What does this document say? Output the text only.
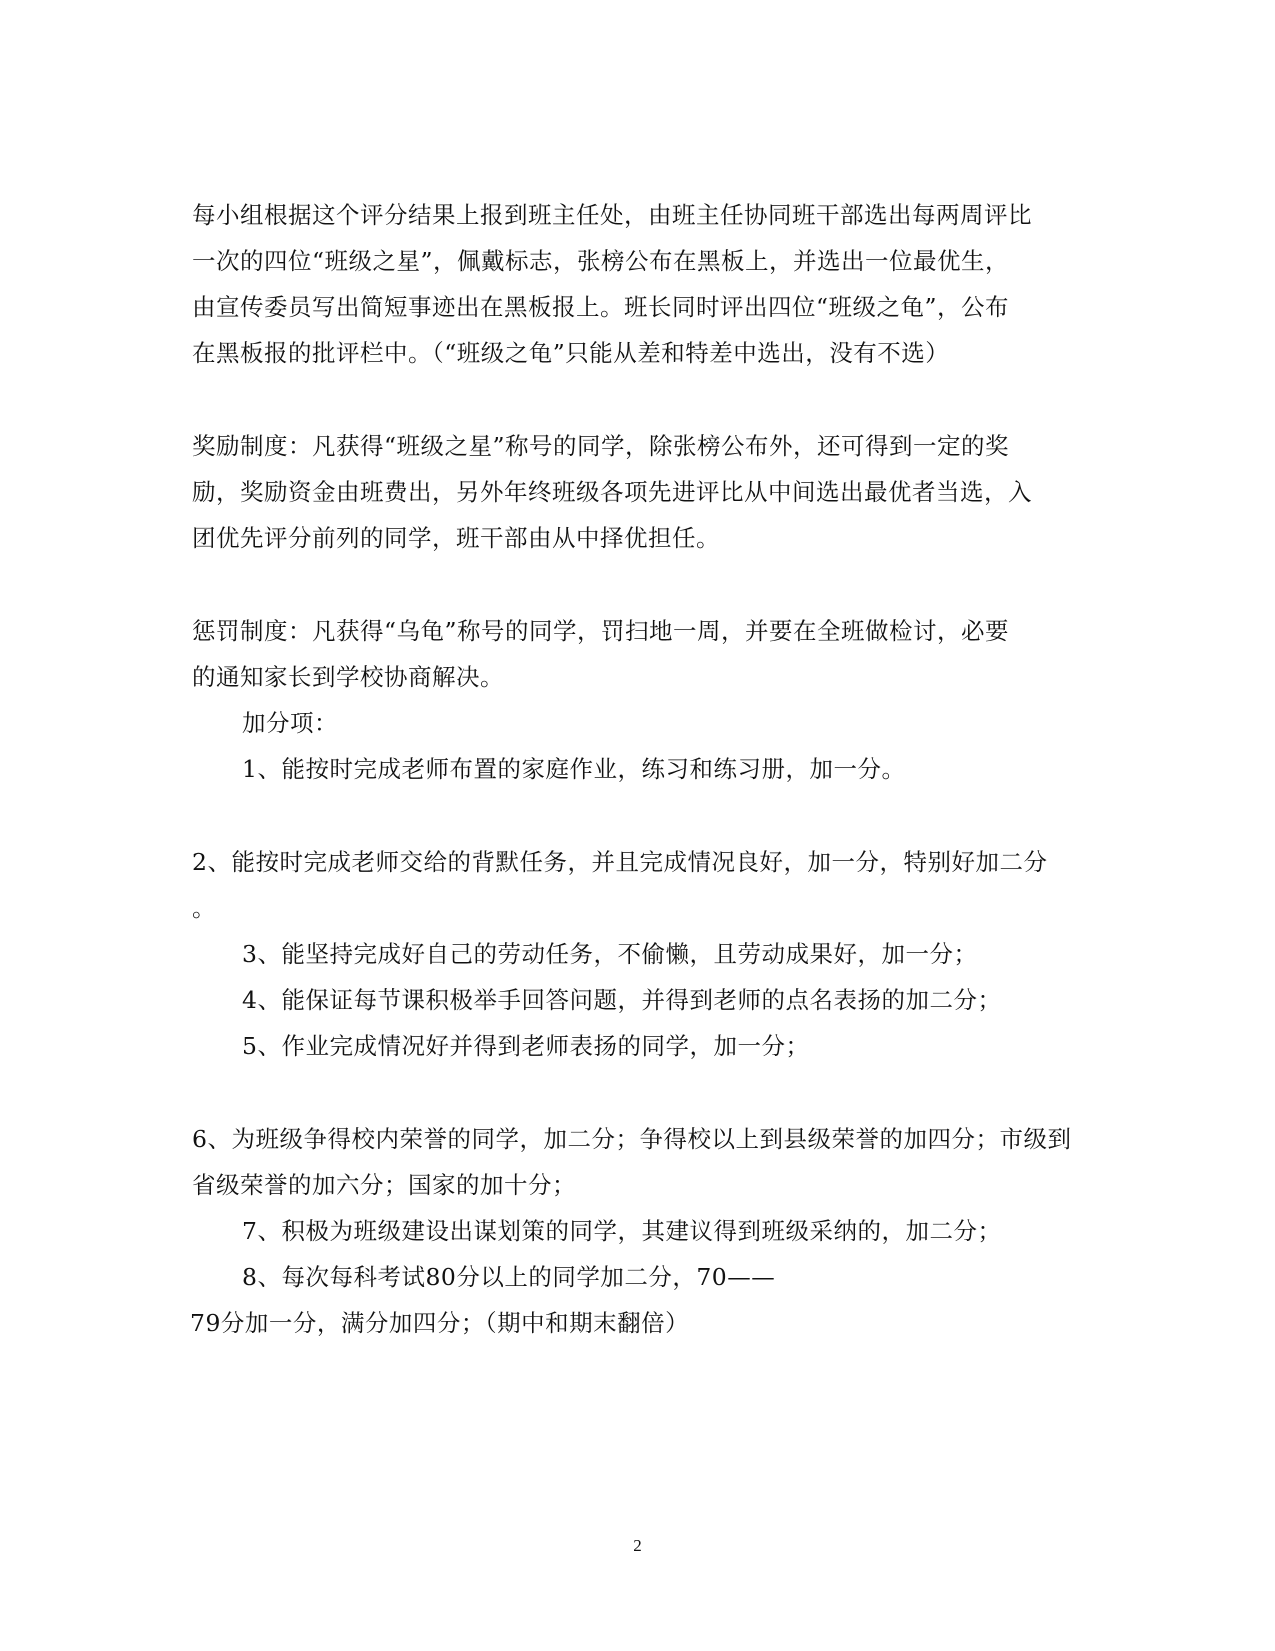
每小组根据这个评分结果上报到班主任处，由班主任协同班干部选出每两周评比
一次的四位“班级之星”，佩戴标志，张榜公布在黑板上，并选出一位最优生，
由宣传委员写出简短事迹出在黑板报上。班长同时评出四位“班级之龟”，公布
在黑板报的批评栏中。（“班级之龟”只能从差和特差中选出，没有不选）
奖励制度：凡获得“班级之星”称号的同学，除张榜公布外，还可得到一定的奖
励，奖励资金由班费出，另外年终班级各项先进评比从中间选出最优者当选，入
团优先评分前列的同学，班干部由从中择优担任。
惩罚制度：凡获得“乌龟”称号的同学，罚扫地一周，并要在全班做检讨，必要
的通知家长到学校协商解决。
加分项：
1、能按时完成老师布置的家庭作业，练习和练习册，加一分。
2、能按时完成老师交给的背默任务，并且完成情况良好，加一分，特别好加二分
。
3、能坚持完成好自己的劳动任务，不偷懒，且劳动成果好，加一分；
4、能保证每节课积极举手回答问题，并得到老师的点名表扬的加二分；
5、作业完成情况好并得到老师表扬的同学，加一分；
6、为班级争得校内荣誉的同学，加二分；争得校以上到县级荣誉的加四分；市级到
省级荣誉的加六分；国家的加十分；
7、积极为班级建设出谋划策的同学，其建议得到班级采纳的，加二分；
8、每次每科考试80分以上的同学加二分，70——
79分加一分，满分加四分；（期中和期末翻倍）
2
